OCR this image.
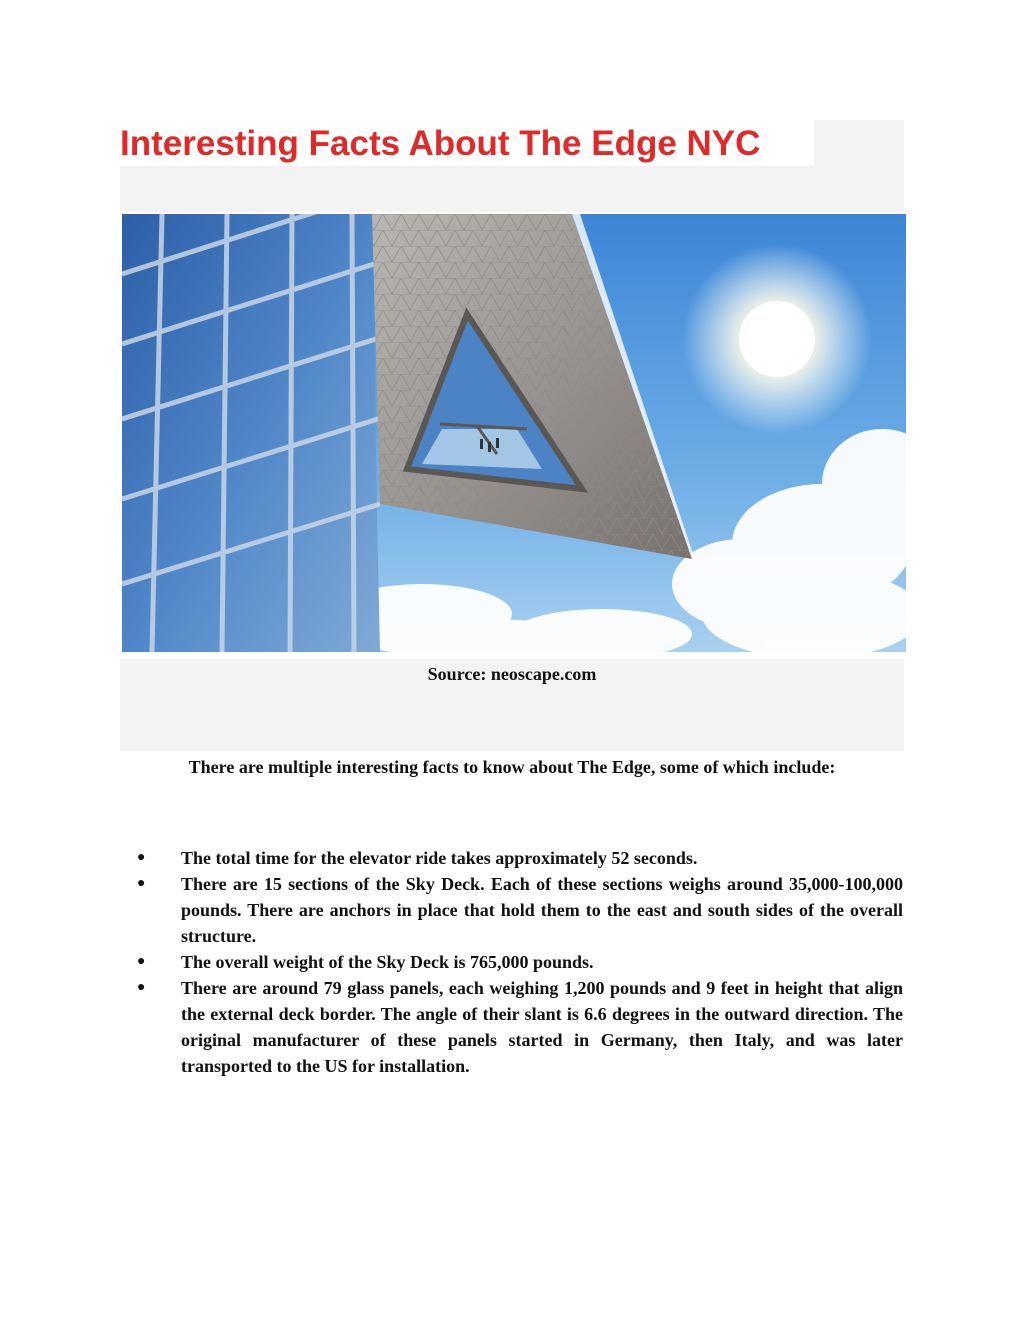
Interesting Facts About The Edge NYC
Source: neoscape.com

There are multiple interesting facts to know about The Edge, some of which include:

● The total time for the elevator ride takes approximately 52 seconds.
● There are 15 sections of the Sky Deck. Each of these sections weighs around 35,000-100,000 pounds. There are anchors in place that hold them to the east and south sides of the overall structure.
● The overall weight of the Sky Deck is 765,000 pounds.
● There are around 79 glass panels, each weighing 1,200 pounds and 9 feet in height that align the external deck border. The angle of their slant is 6.6 degrees in the outward direction. The original manufacturer of these panels started in Germany, then Italy, and was later transported to the US for installation.
